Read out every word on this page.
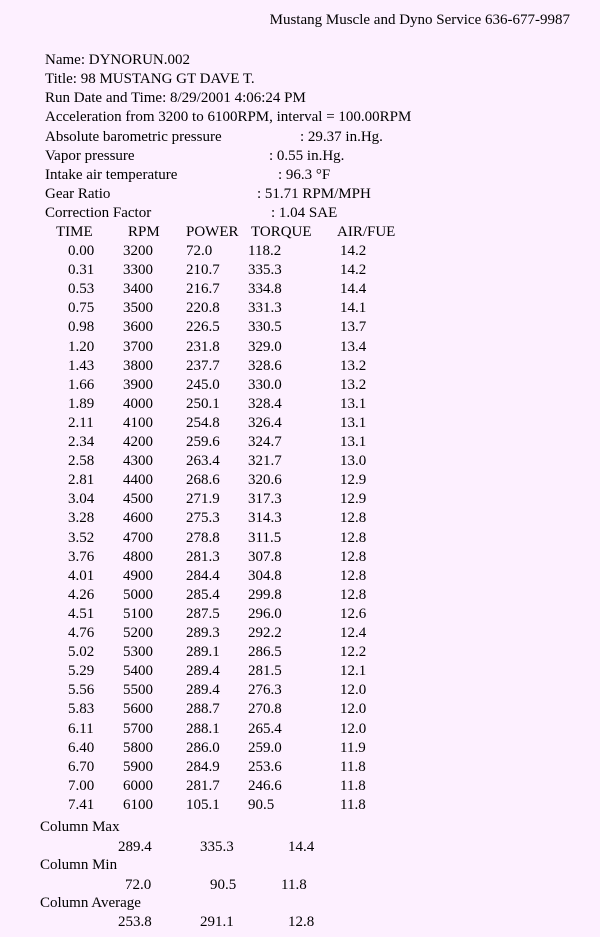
Mustang Muscle and Dyno Service 636-677-9987
Name: DYNORUN.002
Title: 98 MUSTANG GT DAVE T.
Run Date and Time: 8/29/2001 4:06:24 PM
Acceleration from 3200 to 6100RPM, interval = 100.00RPM
Absolute barometric pressure	: 29.37 in.Hg.
Vapor pressure	: 0.55 in.Hg.
Intake air temperature	: 96.3 °F
Gear Ratio	: 51.71 RPM/MPH
Correction Factor	: 1.04 SAE
TIME RPM POWER TORQUE AIR/FUE
0.00 3200 72.0 118.2	14.2
0.31 3300 210.7 335.3	14.2
0.53 3400 216.7 334.8	14.4
0.75 3500 220.8 331.3	14.1
0.98 3600 226.5 330.5	13.7
1.20 3700 231.8 329.0	13.4
1.43 3800 237.7 328.6	13.2
1.66 3900 245.0 330.0	13.2
1.89 4000 250.1 328.4	13.1
2.11 4100 254.8 326.4	13.1
2.34 4200 259.6 324.7	13.1
2.58 4300 263.4 321.7	13.0
2.81 4400 268.6 320.6	12.9
3.04 4500 271.9 317.3	12.9
3.28 4600 275.3 314.3	12.8
3.52 4700 278.8 311.5	12.8
3.76 4800 281.3 307.8	12.8
4.01 4900 284.4 304.8	12.8
4.26 5000 285.4 299.8	12.8
4.51 5100 287.5 296.0	12.6
4.76 5200 289.3 292.2	12.4
5.02 5300 289.1 286.5	12.2
5.29 5400 289.4 281.5	12.1
5.56 5500 289.4 276.3	12.0
5.83 5600 288.7 270.8	12.0
6.11 5700 288.1 265.4	12.0
6.40 5800 286.0 259.0	11.9
6.70 5900 284.9 253.6	11.8
7.00 6000 281.7 246.6	11.8
7.41 6100 105.1 90.5	11.8
Column Max
289.4	335.3	14.4
Column Min
72.0	90.5	11.8
Column Average
253.8	291.1	12.8
